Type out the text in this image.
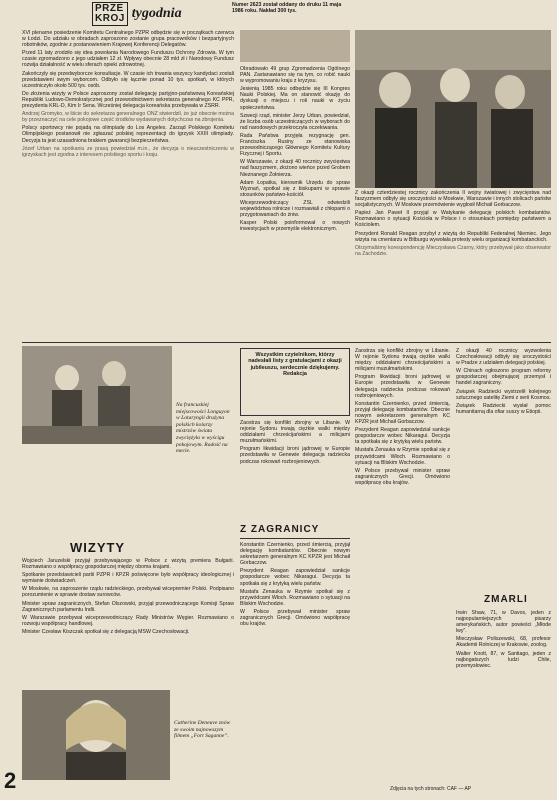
PRZE
KROJ tygodnia
Numer 2623 został oddany do druku 11 maja 1986 roku. Nakład 300 tys.

XVI plenarne posiedzenie Komitetu Centralnego PZPR odbędzie się w początkach czerwca w Łodzi. Do udziału w obradach zaproszono zostanie grupa pracowników i bezpartyjnych robotników, zgodnie z postanowieniem Krajowej Konferencji Delegatów.

Przed 11 laty zrodziło się idea powołania Narodowego Funduszu Ochrony Zdrowia. W tym czasie zgromadzono z jego udziałem 12 zł. Wpływy obecnie 28 mld zł i Narodowy Fundusz rozwija działalność w wielu sferach opieki zdrowotnej.

Zakończyły się przedwyborcze konsultacje. W czasie ich trwania wszyscy kandydaci zostali przedstawieni swym wyborcom. Odbyło się łącznie ponad 10 tys. spotkań, w których uczestniczyło około 500 tys. osób.

Do złożenia wizyty w Polsce zaproszony został delegację partyjno-państwową Koreańskiej Republiki Ludowo-Demokratycznej pod przewodnictwem sekretarza generalnego KC PPR, prezydenta KRL-D, Kim Ir Sena. Wcześniej delegacja koreańska przebywała w ZSRR.

Andrzej Gromyko, w liście do sekretarza generalnego ONZ stwierdził, że już obecnie można by przeznaczyć na cele pokojowe część środków wydawanych dotychczas na zbrojenia.

Polscy sportowcy nie pojadą na olimpiadę do Los Angeles. Zarząd Polskiego Komitetu Olimpijskiego postanowił nie zgłaszać polskiej reprezentacji do igrzysk XXIII olimpiady. Decyzja ta jest uzasadniona brakiem gwarancji bezpieczeństwa.

Józef Urban na spotkaniu ze prasą powiedział m.in., że decyzja o nieuczestniczeniu w igrzyskach jest zgodna z interesem polskiego sportu i kraju.

Obradowało 49 grup Zgromadzenia Ogólnego PAN. Zastanawiano się na tym, co robić nauki w wypromowaniu kraju z kryzysu.

Jesienią 1985 roku odbędzie się III Kongres Nauki Polskiej. Ma on stanowić okazję do dyskusji o miejscu i roli nauki w życiu społeczeństwa.

Szwecji rząd, minister Jerzy Urban, powiedział, że liczba osób uczestniczących w wyborach do rad narodowych przekroczyła oczekiwania.

Rada Państwa przyjęła rezygnację gen. Franciszka Rusiny ze stanowiska przewodniczącego Głównego Komitetu Kultury Fizycznej i Sportu.

W Warszawie, z okazji 40 rocznicy zwycięstwa nad faszyzmem, złożono wieńce przed Grobem Nieznanego Żołnierza.

Adam Łopatka, kierownik Urzędu do spraw Wyznań, spotkał się z biskupami w sprawie stosunków państwo-kościół.

Wiceprzewodniczący ZSL odwiedzili województwa rolnicze i rozmawiali z chłopami o przygotowaniach do żniw.

Kasper Polski poinformował o nowych inwestycjach w przemyśle elektronicznym.

Z okazji czterdziestej rocznicy zakończenia II wojny światowej i zwycięstwa nad faszyzmem odbyły się uroczystości w Moskwie, Warszawie i innych stolicach państw socjalistycznych. W Moskwie przemówienie wygłosił Michaił Gorbaczow.

Papież Jan Paweł II przyjął w Watykanie delegację polskich kombatantów. Rozmawiano o sytuacji Kościoła w Polsce i o stosunkach pomiędzy państwem a Kościołem.

Prezydent Ronald Reagan przybył z wizytą do Republiki Federalnej Niemiec. Jego wizyta na cmentarzu w Bitburgu wywołała protesty wielu organizacji kombatanckich.

Otrzymaliśmy korespondencję Mieczysława Czarny, który przebywał jako obserwator na Zachodzie.

Na francuskiej miejscowości Longuyon w Lotaryngii drużyna polskich kolarzy mistrzów świata zwyciężyła w wyścigu pokojowym. Radość na mecie.
WIZYTY

Wojciech Jaruzelski przyjął przebywającego w Polsce z wizytą premiera Bułgarii. Rozmawiano o współpracy gospodarczej między oboma krajami.

Spotkanie przedstawicieli partii PZPR i KPZR poświęcone było współpracy ideologicznej i wymianie doświadczeń.

W Moskwie, na zaproszenie rządu radzieckiego, przebywał wicepremier Polski. Podpisano porozumienie w sprawie dostaw surowców.

Minister spraw zagranicznych, Stefan Olszowski, przyjął przewodniczącego Komisji Spraw Zagranicznych parlamentu Indii.

W Warszawie przebywał wiceprzewodniczący Rady Ministrów Węgier. Rozmawiano o rozwoju współpracy handlowej.

Minister Czesław Kiszczak spotkał się z delegacją MSW Czechosłowacji.

Catherine Deneuve znów ze swoim najnowszym filmem „Fort Saganne”.
Wszystkim czytelnikom, którzy nadesłali listy z gratulacjami z okazji jubileuszu, serdecznie dziękujemy. Redakcja
Z ZAGRANICY

Zaostrza się konflikt zbrojny w Libanie. W rejonie Sydonu trwają ciężkie walki między oddziałami chrześcijańskimi a milicjami muzułmańskimi.

Program likwidacji broni jądrowej w Europie przedstawiła w Genewie delegacja radziecka podczas rokowań rozbrojeniowych.

Konstantin Czernienko, przed śmiercią, przyjął delegację kombatantów. Obecnie nowym sekretarzem generalnym KC KPZR jest Michaił Gorbaczow.

Prezydent Reagan zapowiedział sankcje gospodarcze wobec Nikaragui. Decyzja ta spotkała się z krytyką wielu państw.

Mustafa Zenauka w Rzymie spotkał się z przywódcami Włoch. Rozmawiano o sytuacji na Bliskim Wschodzie.

W Polsce przebywał minister spraw zagranicznych Grecji. Omówiono współpracę obu krajów.

Zaostrza się konflikt zbrojny w Libanie. W rejonie Sydonu trwają ciężkie walki między oddziałami chrześcijańskimi a milicjami muzułmańskimi.

Program likwidacji broni jądrowej w Europie przedstawiła w Genewie delegacja radziecka podczas rokowań rozbrojeniowych.

Konstantin Czernienko, przed śmiercią, przyjął delegację kombatantów. Obecnie nowym sekretarzem generalnym KC KPZR jest Michaił Gorbaczow.

Prezydent Reagan zapowiedział sankcje gospodarcze wobec Nikaragui. Decyzja ta spotkała się z krytyką wielu państw.

Mustafa Zenauka w Rzymie spotkał się z przywódcami Włoch. Rozmawiano o sytuacji na Bliskim Wschodzie.

W Polsce przebywał minister spraw zagranicznych Grecji. Omówiono współpracę obu krajów.

Z okazji 40 rocznicy wyzwolenia Czechosłowacji odbyły się uroczystości w Pradze z udziałem delegacji polskiej.

W Chinach ogłoszono program reformy gospodarczej obejmującej przemysł i handel zagraniczny.

Związek Radziecki wystrzelił kolejnego sztucznego satelitę Ziemi z serii Kosmos.

Związek Radziecki wysłał pomoc humanitarną dla ofiar suszy w Etiopii.

ZMARLI

Irwin Shaw, 71, w Davos, jeden z najpopularniejszych pisarzy amerykańskich, autor powieści „Młode lwy”.

Mieczysław Poliszewski, 68, profesor Akademii Rolniczej w Krakowie, zoolog.

Walter Knott, 87, w Santiago, jeden z najbogatszych ludzi Chile, przemysłowiec.

2	Zdjęcia na tych stronach: CAF — AP
